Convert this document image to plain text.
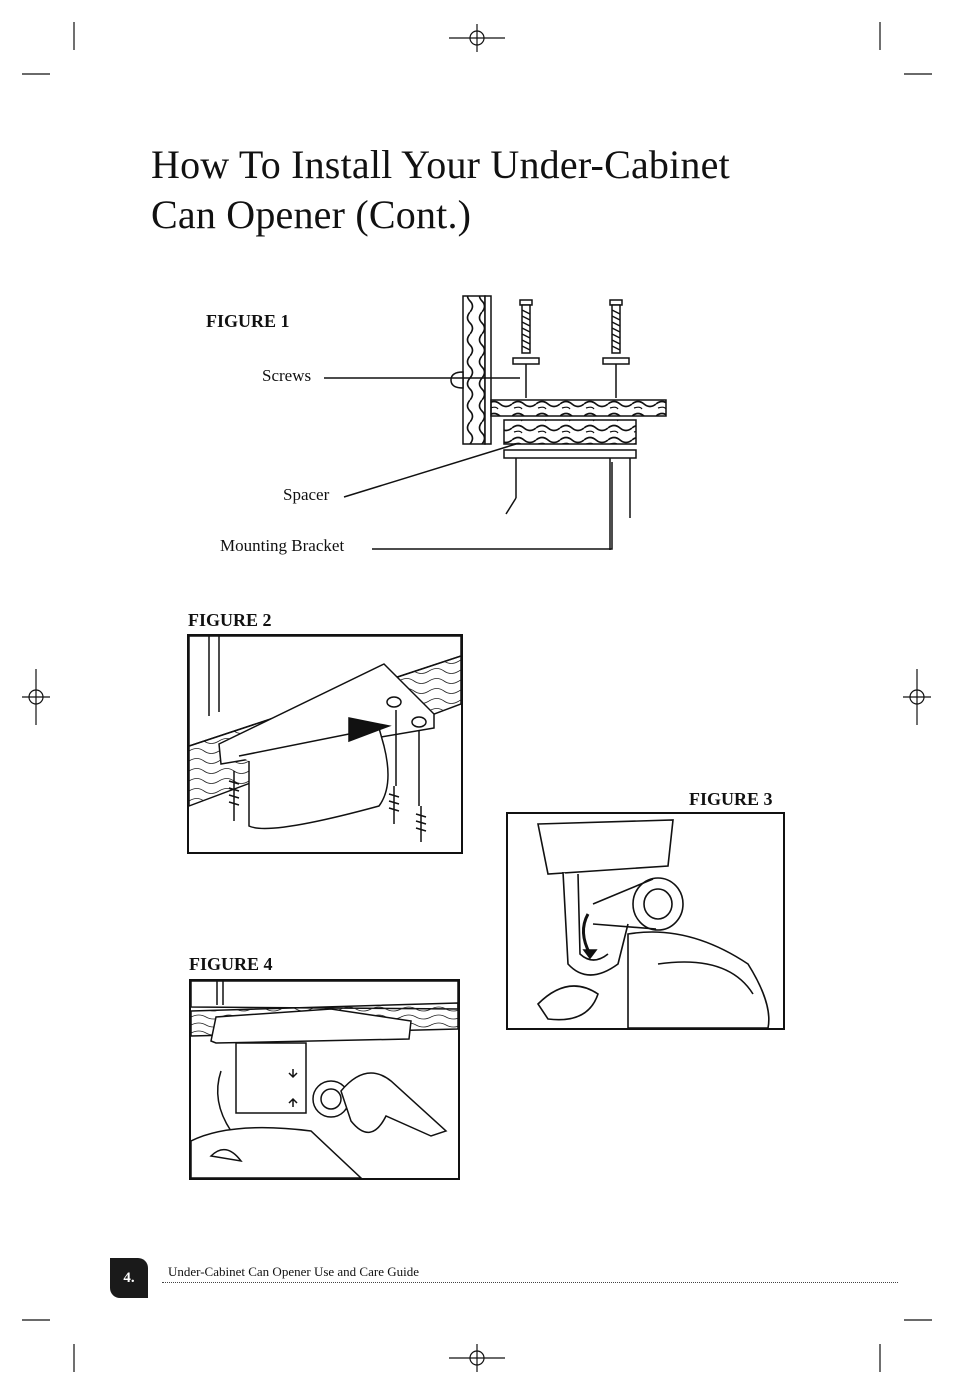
How To Install Your Under-Cabinet
Can Opener (Cont.)
FIGURE 1
Screws
Spacer
Mounting Bracket
FIGURE 2
FIGURE 3
FIGURE 4
4.	Under-Cabinet Can Opener Use and Care Guide
